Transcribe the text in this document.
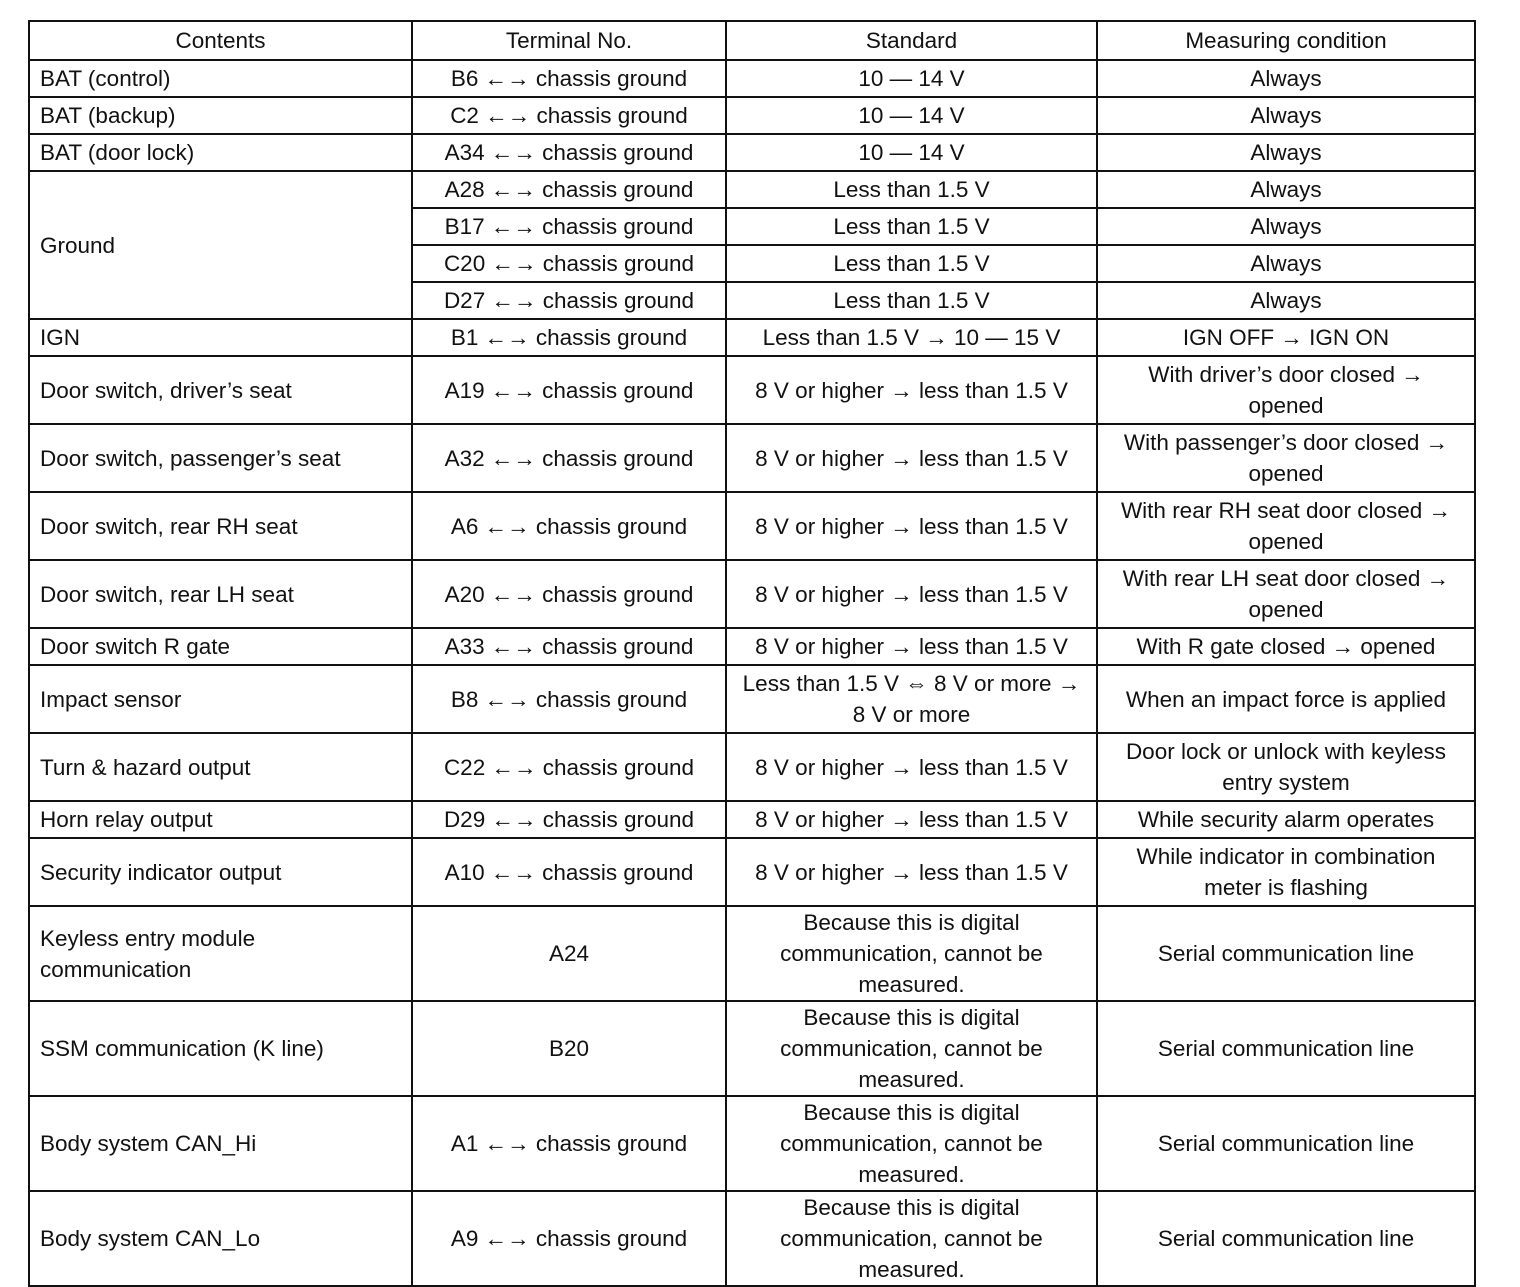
Contents	Terminal No.	Standard	Measuring condition
BAT (control)	B6 ←→ chassis ground	10 — 14 V	Always
BAT (backup)	C2 ←→ chassis ground	10 — 14 V	Always
BAT (door lock)	A34 ←→ chassis ground	10 — 14 V	Always
Ground	A28 ←→ chassis ground	Less than 1.5 V	Always
	B17 ←→ chassis ground	Less than 1.5 V	Always
	C20 ←→ chassis ground	Less than 1.5 V	Always
	D27 ←→ chassis ground	Less than 1.5 V	Always
IGN	B1 ←→ chassis ground	Less than 1.5 V → 10 — 15 V	IGN OFF → IGN ON
Door switch, driver’s seat	A19 ←→ chassis ground	8 V or higher → less than 1.5 V	With driver’s door closed → opened
Door switch, passenger’s seat	A32 ←→ chassis ground	8 V or higher → less than 1.5 V	With passenger’s door closed → opened
Door switch, rear RH seat	A6 ←→ chassis ground	8 V or higher → less than 1.5 V	With rear RH seat door closed → opened
Door switch, rear LH seat	A20 ←→ chassis ground	8 V or higher → less than 1.5 V	With rear LH seat door closed → opened
Door switch R gate	A33 ←→ chassis ground	8 V or higher → less than 1.5 V	With R gate closed → opened
Impact sensor	B8 ←→ chassis ground	Less than 1.5 V ⇔ 8 V or more → 8 V or more	When an impact force is applied
Turn & hazard output	C22 ←→ chassis ground	8 V or higher → less than 1.5 V	Door lock or unlock with keyless entry system
Horn relay output	D29 ←→ chassis ground	8 V or higher → less than 1.5 V	While security alarm operates
Security indicator output	A10 ←→ chassis ground	8 V or higher → less than 1.5 V	While indicator in combination meter is flashing
Keyless entry module communication	A24	Because this is digital communication, cannot be measured.	Serial communication line
SSM communication (K line)	B20	Because this is digital communication, cannot be measured.	Serial communication line
Body system CAN_Hi	A1 ←→ chassis ground	Because this is digital communication, cannot be measured.	Serial communication line
Body system CAN_Lo	A9 ←→ chassis ground	Because this is digital communication, cannot be measured.	Serial communication line
